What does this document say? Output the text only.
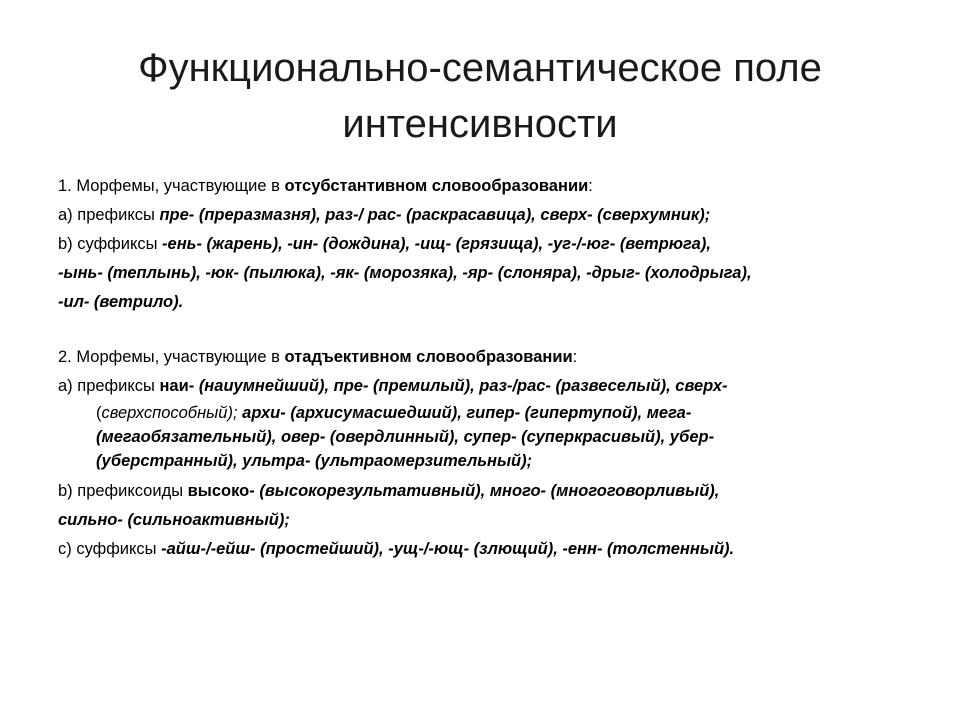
Функционально-семантическое поле
интенсивности
1. Морфемы, участвующие в отсубстантивном словообразовании:
а) префиксы пре- (преразмазня), раз-/ рас- (раскрасавица), сверх- (сверхумник);
b) суффиксы -ень- (жарень), -ин- (дождина), -ищ- (грязища), -уг-/-юг- (ветрюга),
-ынь- (теплынь), -юк- (пылюка), -як- (морозяка), -яр- (слоняра), -дрыг- (холодрыга),
-ил- (ветрило).
2. Морфемы, участвующие в отадъективном словообразовании:
а) префиксы наи- (наиумнейший), пре- (премилый), раз-/рас- (развеселый), сверх-
(сверхспособный); архи- (архисумасшедший), гипер- (гипертупой), мега-
(мегаобязательный), овер- (овердлинный), супер- (суперкрасивый), убер-
(уберстранный), ультра- (ультраомерзительный);
b) префиксоиды высоко- (высокорезультативный), много- (многоговорливый),
сильно- (сильноактивный);
c) суффиксы -айш-/-ейш- (простейший), -ущ-/-ющ- (злющий), -енн- (толстенный).
